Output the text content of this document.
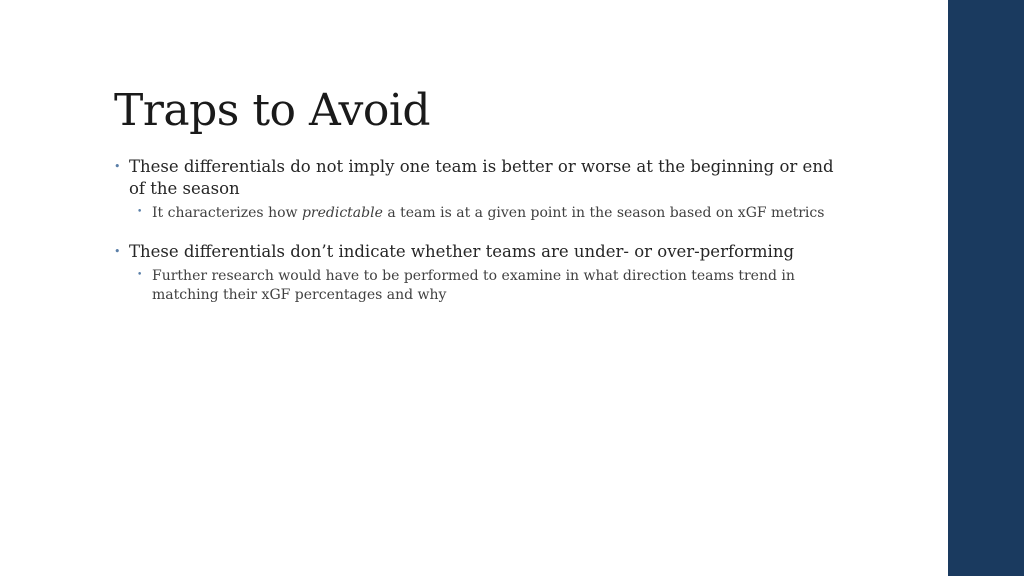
Traps to Avoid
• These differentials do not imply one team is better or worse at the beginning or end of the season
• It characterizes how predictable a team is at a given point in the season based on xGF metrics
• These differentials don’t indicate whether teams are under- or over-performing
• Further research would have to be performed to examine in what direction teams trend in matching their xGF percentages and why
